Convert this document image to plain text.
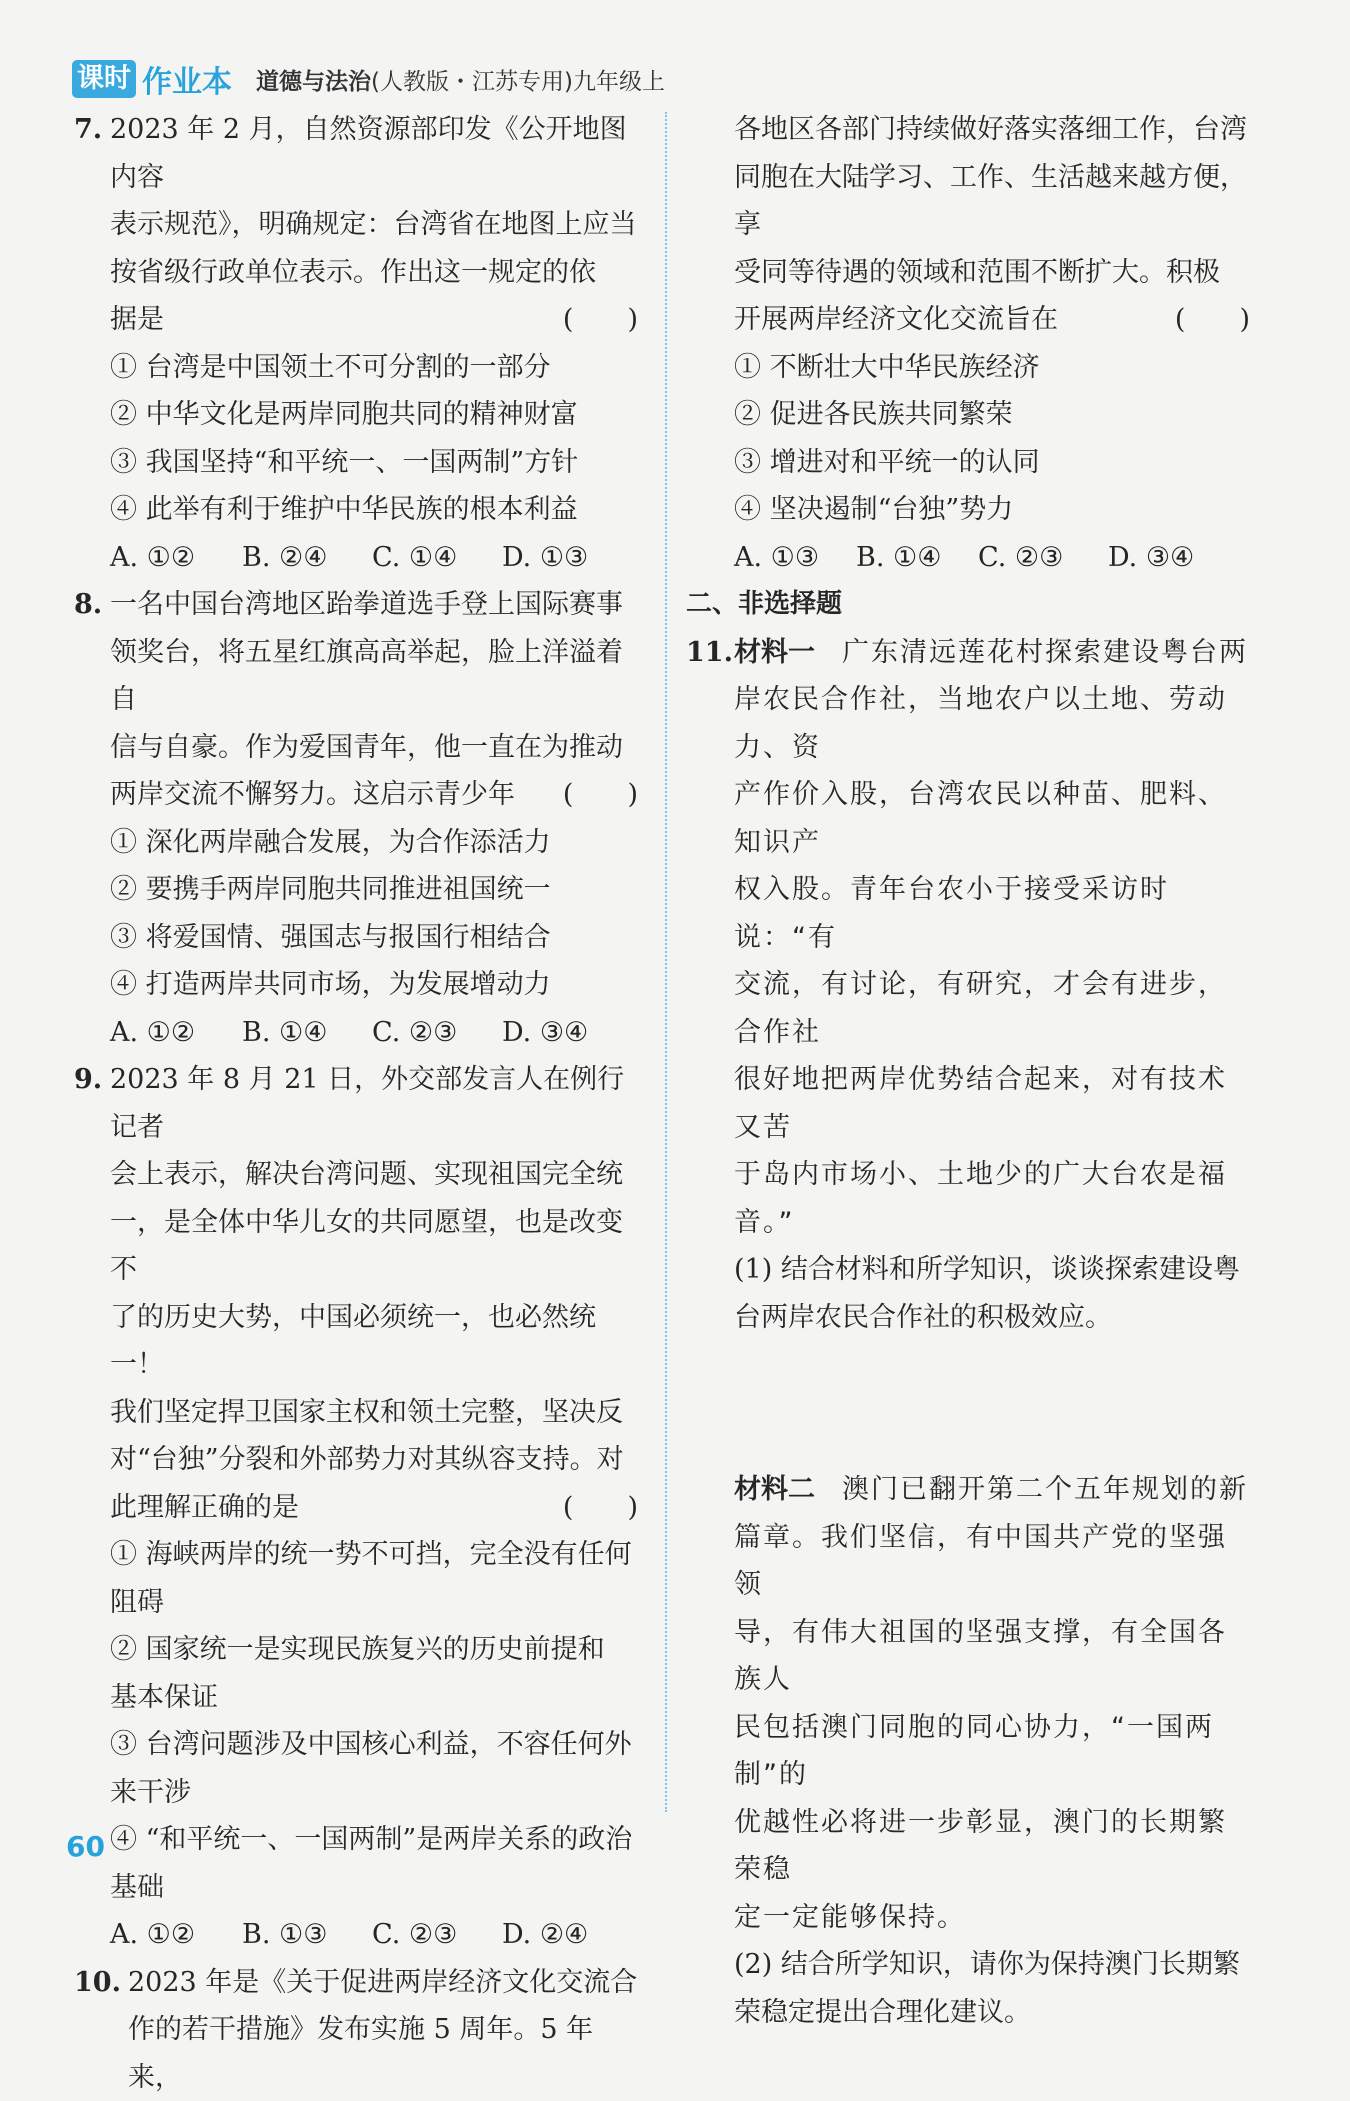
课时 作业本 道德与法治(人教版・江苏专用)九年级上
7. 2023 年 2 月，自然资源部印发《公开地图内容
表示规范》，明确规定：台湾省在地图上应当
按省级行政单位表示。作出这一规定的依
据是	(　　)
① 台湾是中国领土不可分割的一部分
② 中华文化是两岸同胞共同的精神财富
③ 我国坚持“和平统一、一国两制”方针
④ 此举有利于维护中华民族的根本利益
A. ①②	B. ②④	C. ①④	D. ①③
8. 一名中国台湾地区跆拳道选手登上国际赛事
领奖台，将五星红旗高高举起，脸上洋溢着自
信与自豪。作为爱国青年，他一直在为推动
两岸交流不懈努力。这启示青少年 (　　)
① 深化两岸融合发展，为合作添活力
② 要携手两岸同胞共同推进祖国统一
③ 将爱国情、强国志与报国行相结合
④ 打造两岸共同市场，为发展增动力
A. ①②	B. ①④	C. ②③	D. ③④
9. 2023 年 8 月 21 日，外交部发言人在例行记者
会上表示，解决台湾问题、实现祖国完全统
一，是全体中华儿女的共同愿望，也是改变不
了的历史大势，中国必须统一，也必然统一！
我们坚定捍卫国家主权和领土完整，坚决反
对“台独”分裂和外部势力对其纵容支持。对
此理解正确的是	(　　)
① 海峡两岸的统一势不可挡，完全没有任何
阻碍
② 国家统一是实现民族复兴的历史前提和
基本保证
③ 台湾问题涉及中国核心利益，不容任何外
来干涉
④ “和平统一、一国两制”是两岸关系的政治
基础
A. ①②	B. ①③	C. ②③	D. ②④
10. 2023 年是《关于促进两岸经济文化交流合
作的若干措施》发布实施 5 周年。5 年来，
各地区各部门持续做好落实落细工作，台湾
同胞在大陆学习、工作、生活越来越方便，享
受同等待遇的领域和范围不断扩大。积极
开展两岸经济文化交流旨在	(　　)
① 不断壮大中华民族经济
② 促进各民族共同繁荣
③ 增进对和平统一的认同
④ 坚决遏制“台独”势力
A. ①③	B. ①④	C. ②③	D. ③④
二、非选择题
11. 材料一　 广东清远莲花村探索建设粤台两
岸农民合作社，当地农户以土地、劳动力、资
产作价入股，台湾农民以种苗、肥料、知识产
权入股。青年台农小于接受采访时说：“有
交流，有讨论，有研究，才会有进步，合作社
很好地把两岸优势结合起来，对有技术又苦
于岛内市场小、土地少的广大台农是福音。”
(1) 结合材料和所学知识，谈谈探索建设粤
台两岸农民合作社的积极效应。
材料二　 澳门已翻开第二个五年规划的新
篇章。我们坚信，有中国共产党的坚强领
导，有伟大祖国的坚强支撑，有全国各族人
民包括澳门同胞的同心协力，“一国两制”的
优越性必将进一步彰显，澳门的长期繁荣稳
定一定能够保持。
(2) 结合所学知识，请你为保持澳门长期繁
荣稳定提出合理化建议。
60
